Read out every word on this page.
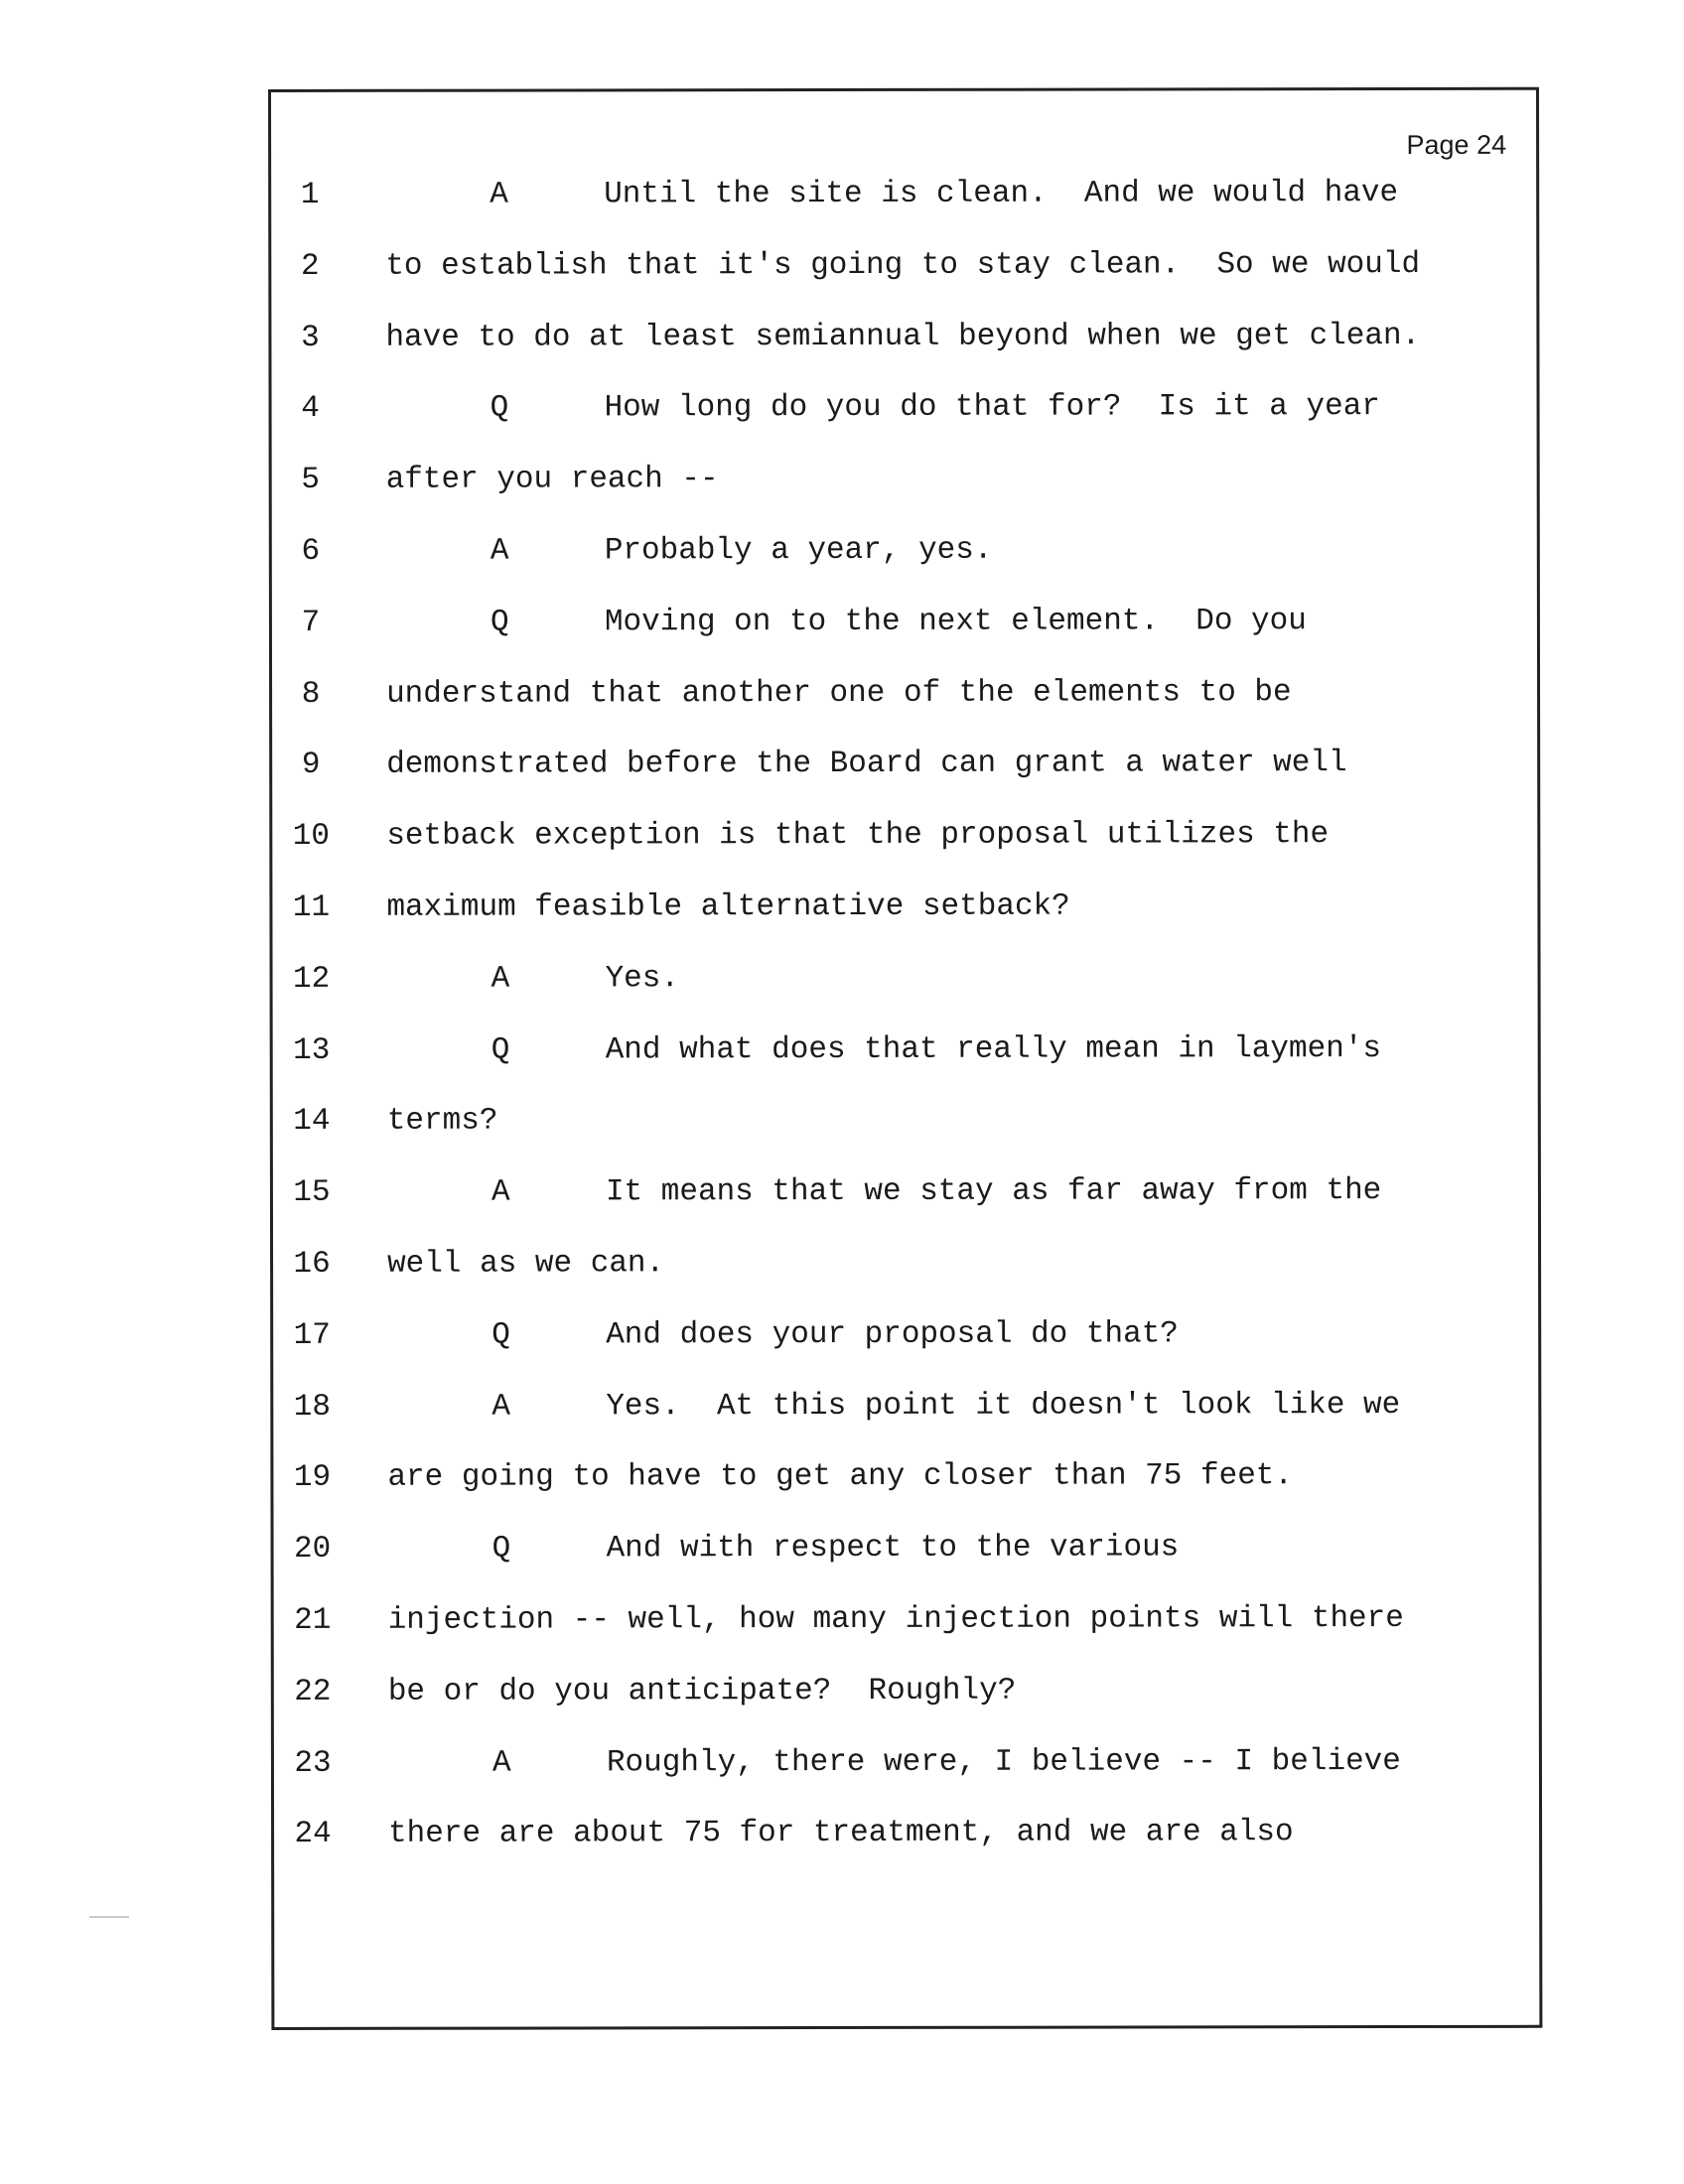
Page 24
1	A	Until the site is clean.  And we would have
2	to establish that it's going to stay clean.  So we would
3	have to do at least semiannual beyond when we get clean.
4	Q	How long do you do that for?  Is it a year
5	after you reach --
6	A	Probably a year, yes.
7	Q	Moving on to the next element.  Do you
8	understand that another one of the elements to be
9	demonstrated before the Board can grant a water well
10	setback exception is that the proposal utilizes the
11	maximum feasible alternative setback?
12	A	Yes.
13	Q	And what does that really mean in laymen's
14	terms?
15	A	It means that we stay as far away from the
16	well as we can.
17	Q	And does your proposal do that?
18	A	Yes.  At this point it doesn't look like we
19	are going to have to get any closer than 75 feet.
20	Q	And with respect to the various
21	injection -- well, how many injection points will there
22	be or do you anticipate?  Roughly?
23	A	Roughly, there were, I believe -- I believe
24	there are about 75 for treatment, and we are also
